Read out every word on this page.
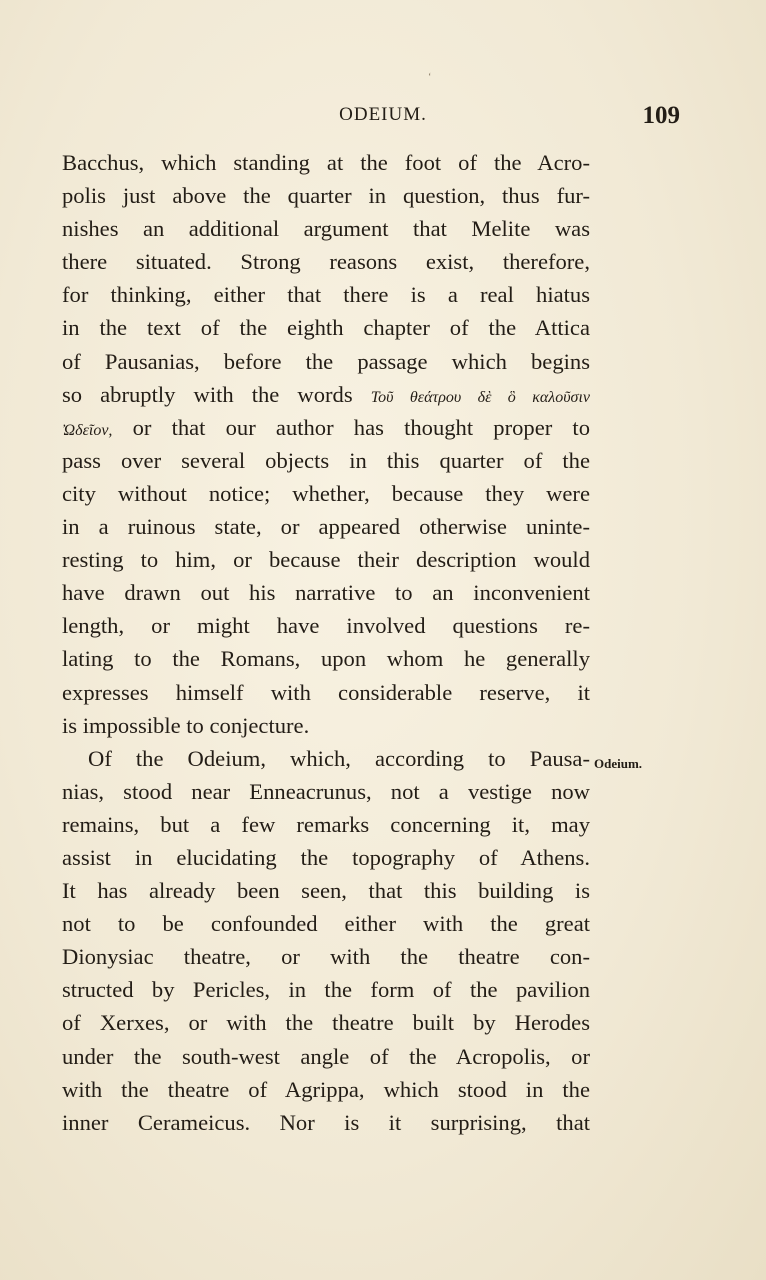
ʻ
ODEIUM.	109
Bacchus, which standing at the foot of the Acro-
polis just above the quarter in question, thus fur-
nishes an additional argument that Melite was
there situated. Strong reasons exist, therefore,
for thinking, either that there is a real hiatus
in the text of the eighth chapter of the Attica
of Pausanias, before the passage which begins
so abruptly with the words Τοῦ θεάτρου δὲ ὃ καλοῦσιν
Ὠδεῖον, or that our author has thought proper to
pass over several objects in this quarter of the
city without notice; whether, because they were
in a ruinous state, or appeared otherwise uninte-
resting to him, or because their description would
have drawn out his narrative to an inconvenient
length, or might have involved questions re-
lating to the Romans, upon whom he generally
expresses himself with considerable reserve, it
is impossible to conjecture.
Of the Odeium, which, according to Pausa-
nias, stood near Enneacrunus, not a vestige now
remains, but a few remarks concerning it, may
assist in elucidating the topography of Athens.
It has already been seen, that this building is
not to be confounded either with the great
Dionysiac theatre, or with the theatre con-
structed by Pericles, in the form of the pavilion
of Xerxes, or with the theatre built by Herodes
under the south-west angle of the Acropolis, or
with the theatre of Agrippa, which stood in the
inner Cerameicus. Nor is it surprising, that
Odeium.
